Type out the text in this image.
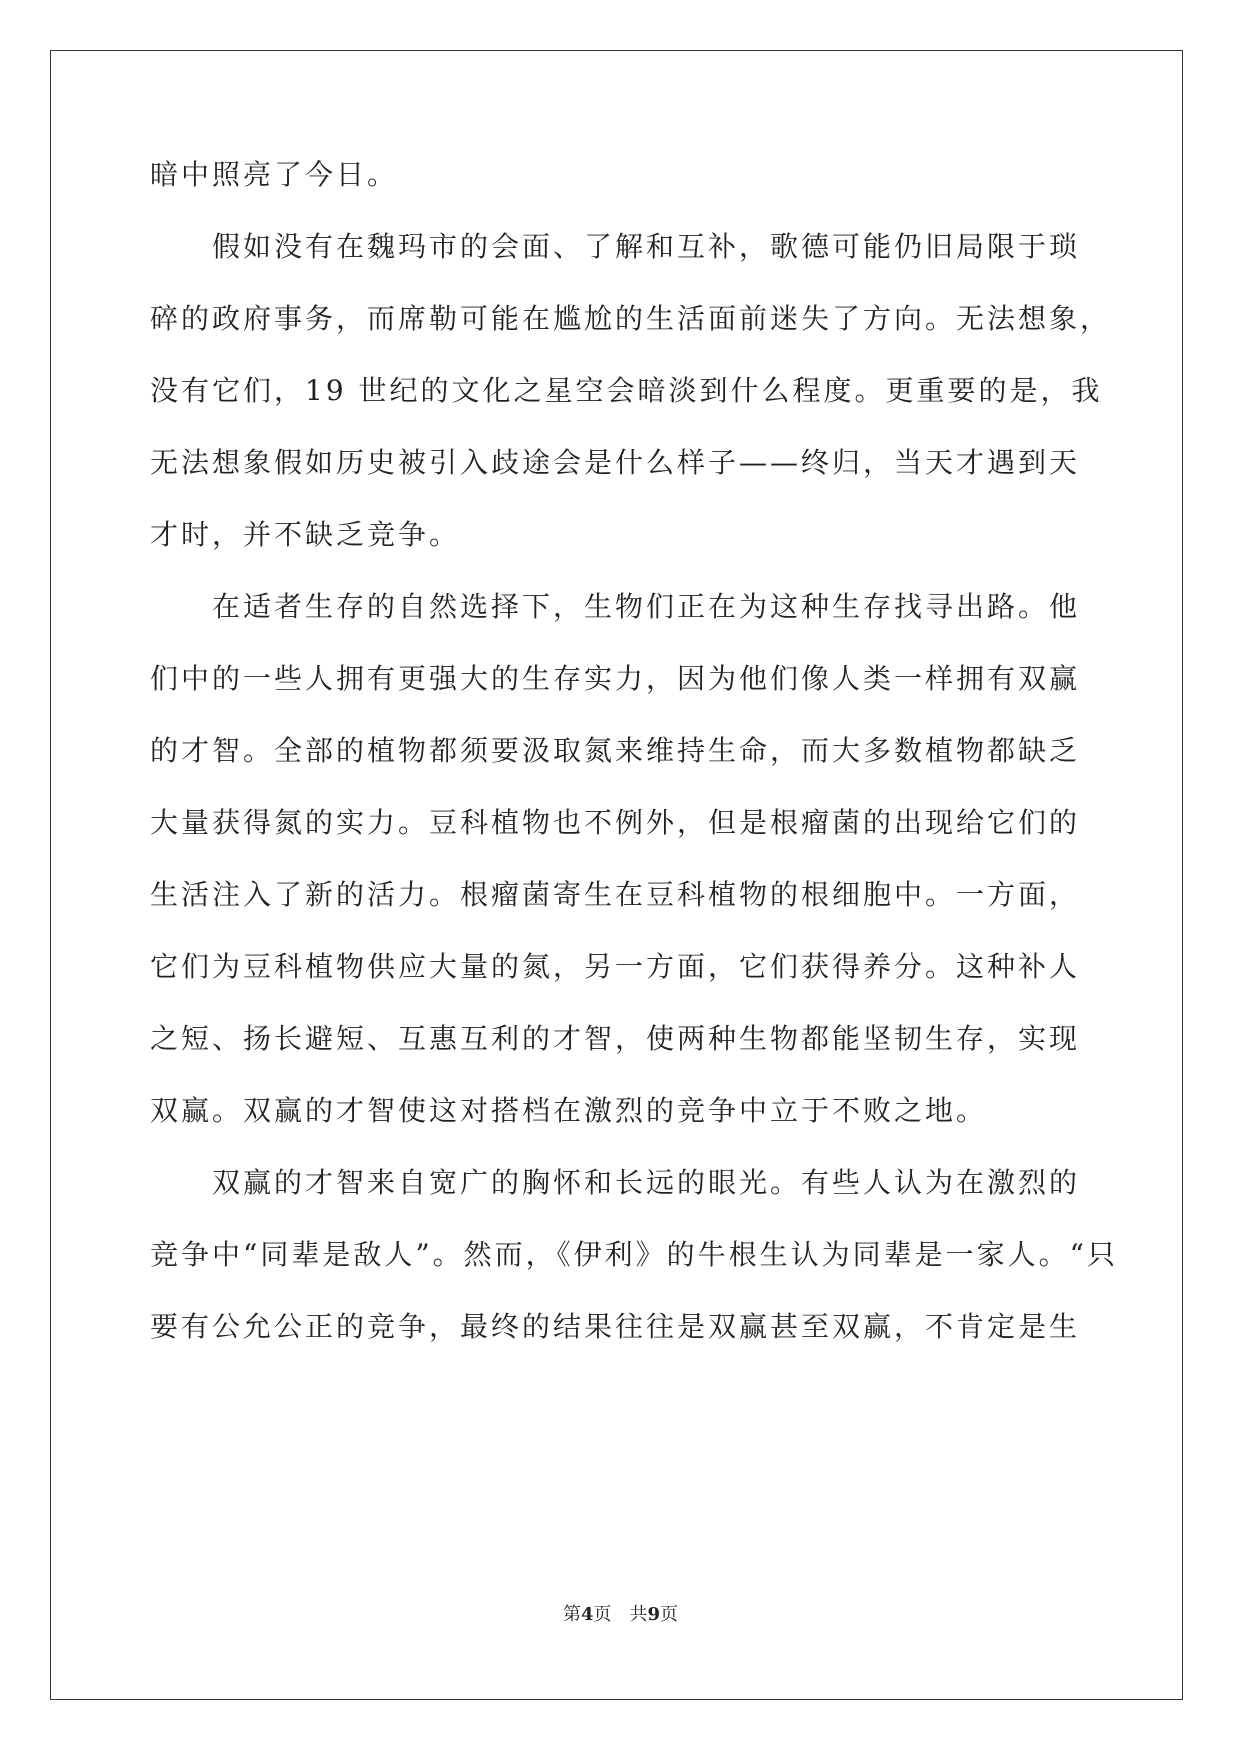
暗中照亮了今日。
假如没有在魏玛市的会面、了解和互补，歌德可能仍旧局限于琐
碎的政府事务，而席勒可能在尴尬的生活面前迷失了方向。无法想象，
没有它们，19 世纪的文化之星空会暗淡到什么程度。更重要的是，我
无法想象假如历史被引入歧途会是什么样子——终归，当天才遇到天
才时，并不缺乏竞争。
在适者生存的自然选择下，生物们正在为这种生存找寻出路。他
们中的一些人拥有更强大的生存实力，因为他们像人类一样拥有双赢
的才智。全部的植物都须要汲取氮来维持生命，而大多数植物都缺乏
大量获得氮的实力。豆科植物也不例外，但是根瘤菌的出现给它们的
生活注入了新的活力。根瘤菌寄生在豆科植物的根细胞中。一方面，
它们为豆科植物供应大量的氮，另一方面，它们获得养分。这种补人
之短、扬长避短、互惠互利的才智，使两种生物都能坚韧生存，实现
双赢。双赢的才智使这对搭档在激烈的竞争中立于不败之地。
双赢的才智来自宽广的胸怀和长远的眼光。有些人认为在激烈的
竞争中“同辈是敌人”。然而，《伊利》的牛根生认为同辈是一家人。“只
要有公允公正的竞争，最终的结果往往是双赢甚至双赢，不肯定是生
第4页 共9页
